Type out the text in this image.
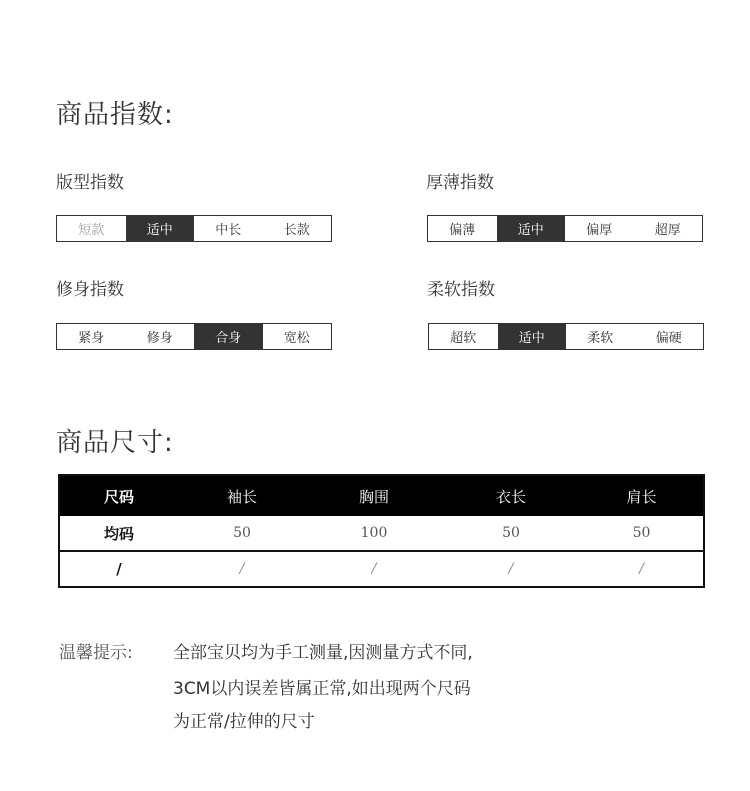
商品指数:
版型指数
短款	适中	中长	长款
厚薄指数
偏薄	适中	偏厚	超厚
修身指数
紧身	修身	合身	宽松
柔软指数
超软	适中	柔软	偏硬
商品尺寸:
尺码	袖长	胸围	衣长	肩长
均码	50	100	50	50
/	/	/	/	/
温馨提示: 全部宝贝均为手工测量,因测量方式不同,
3CM以内误差皆属正常,如出现两个尺码
为正常/拉伸的尺寸
